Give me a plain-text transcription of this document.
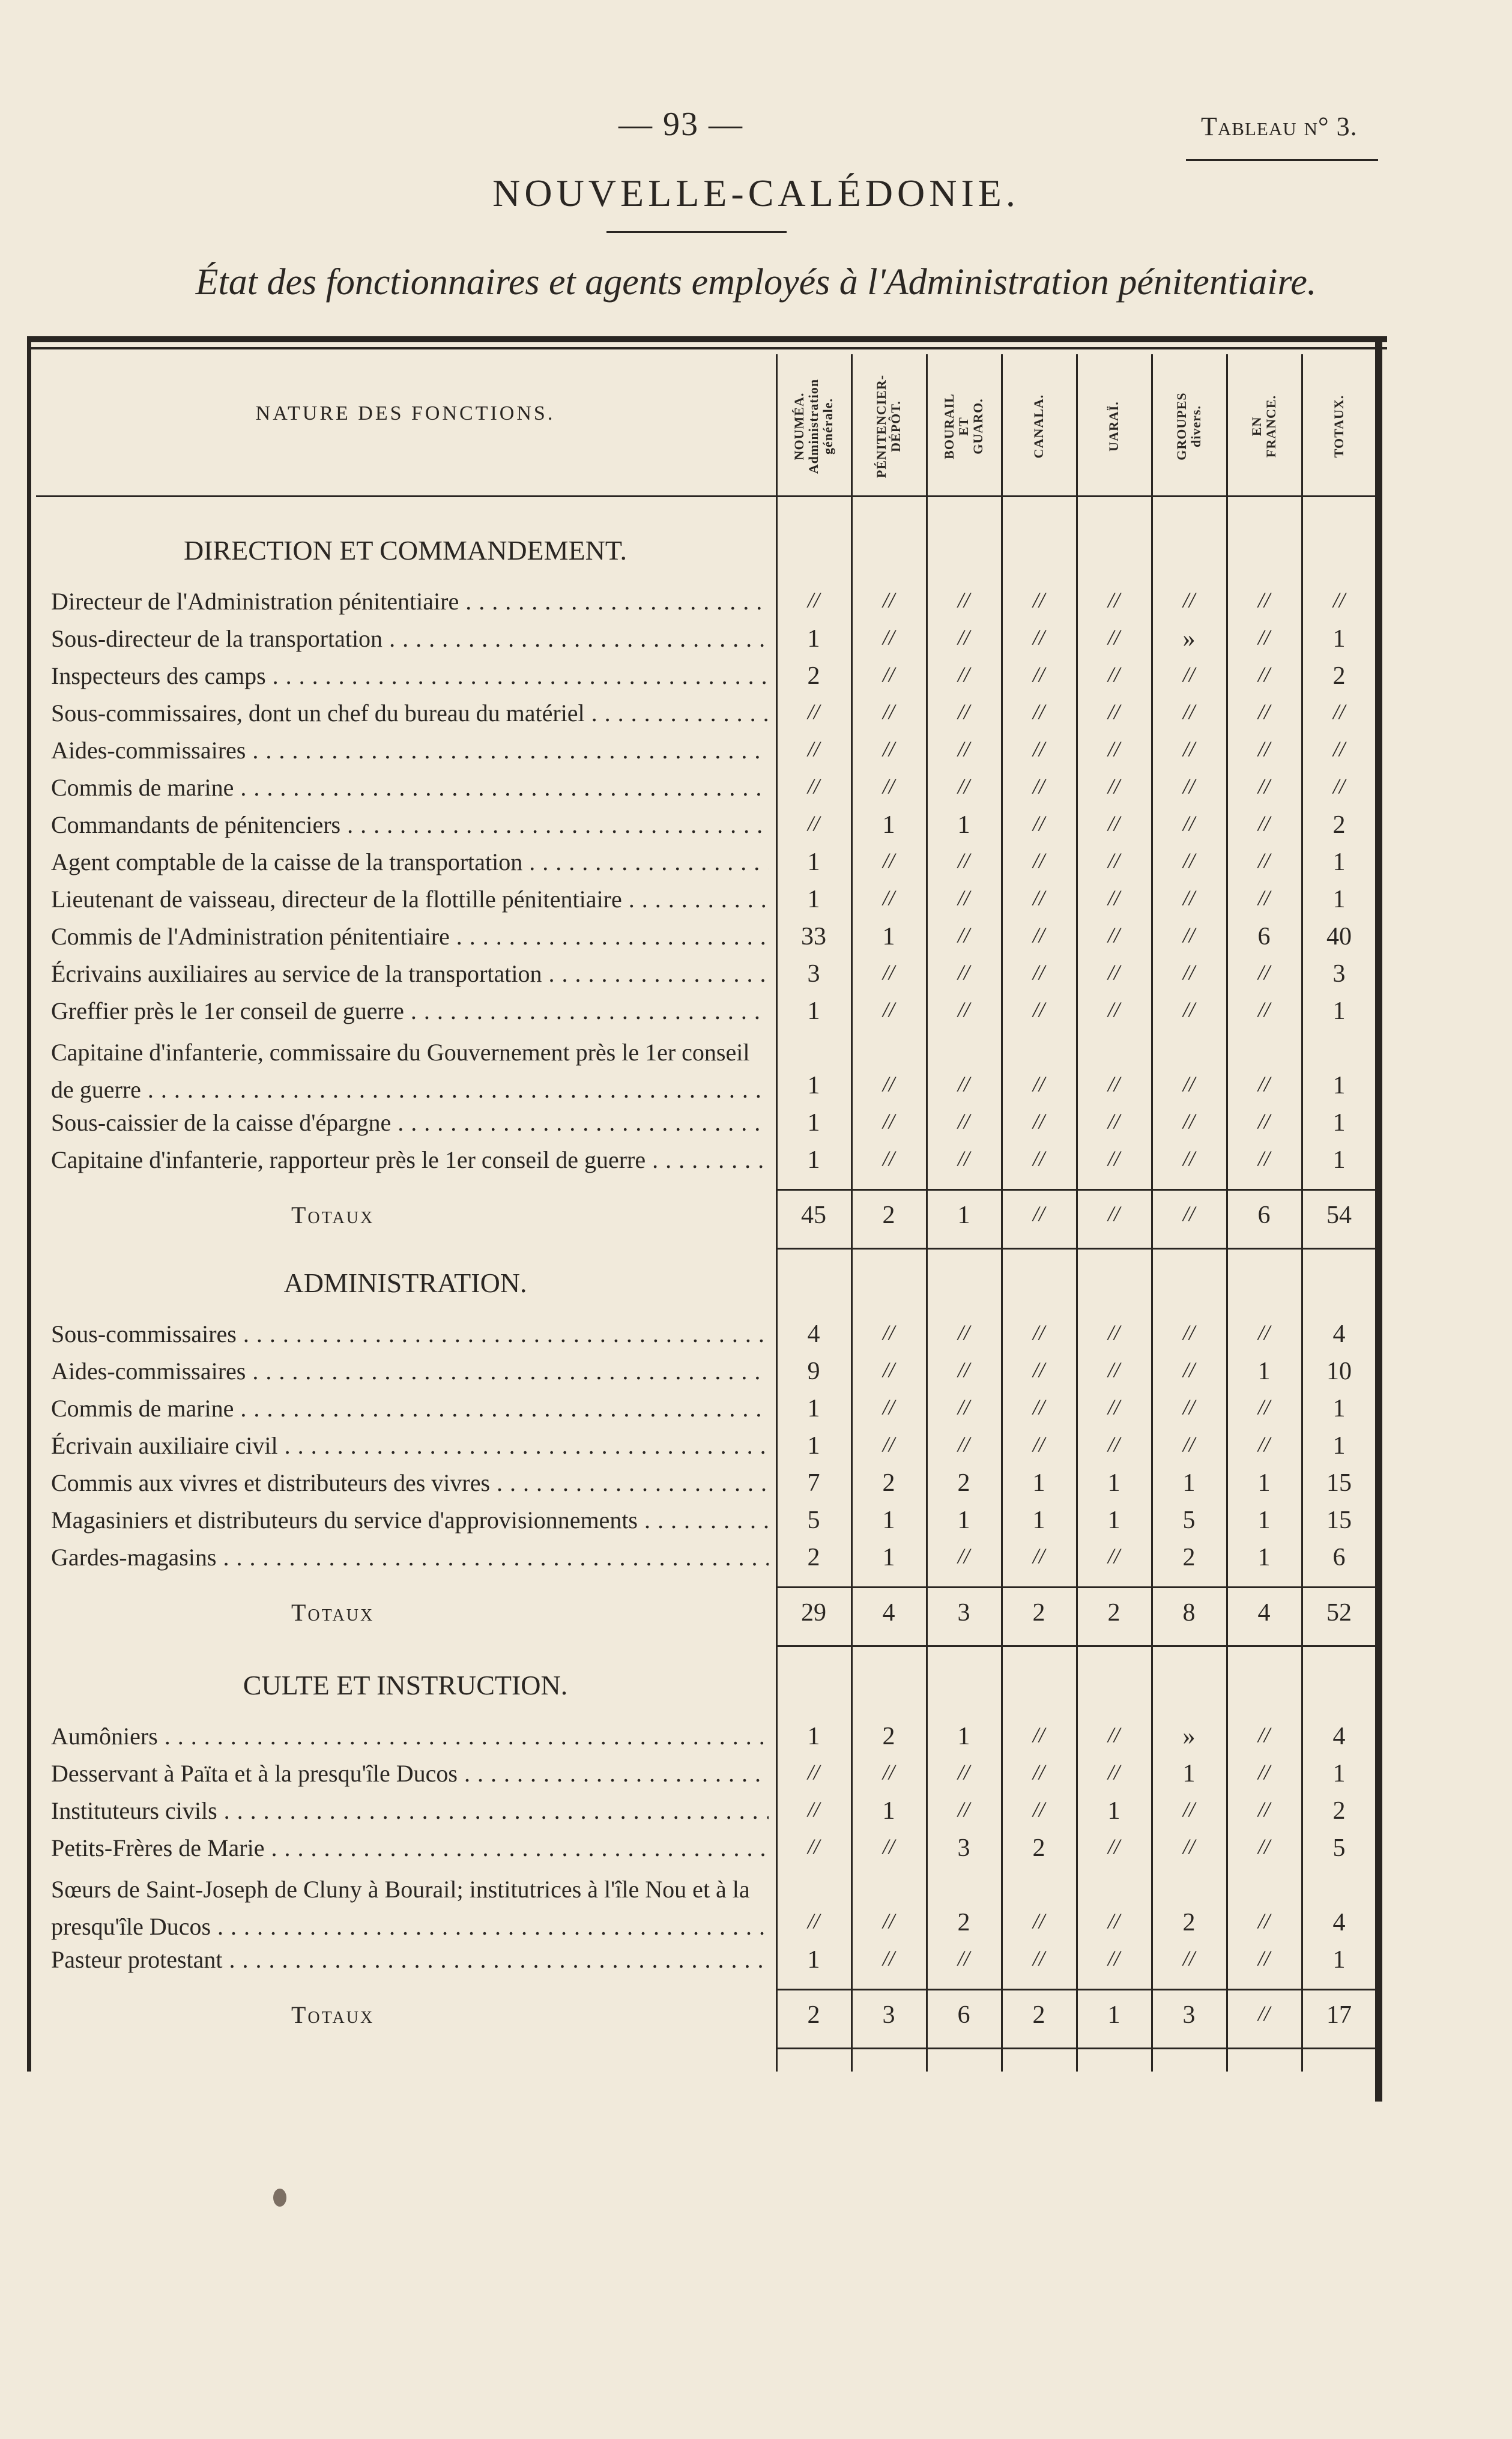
— 93 —	Tableau n° 3.
NOUVELLE-CALÉDONIE.
État des fonctionnaires et agents employés à l'Administration pénitentiaire.
NATURE DES FONCTIONS.	NOUMÉA.
Administration
générale.	PÉNITENCIER-
DÉPÔT.	BOURAIL
ET GUARO.	CANALA.	UARAÏ.	GROUPES
divers.	EN FRANCE.	TOTAUX.
DIRECTION ET COMMANDEMENT.
Directeur de l'Administration pénitentiaire . . .	//	//	//	//	//	//	//	//
Sous-directeur de la transportation . . .	1	//	//	//	//	»	//	1
Inspecteurs des camps . . .	2	//	//	//	//	//	//	2
Sous-commissaires, dont un chef du bureau du matériel . . .	//	//	//	//	//	//	//	//
Aides-commissaires . . .	//	//	//	//	//	//	//	//
Commis de marine . . .	//	//	//	//	//	//	//	//
Commandants de pénitenciers . . .	//	1	1	//	//	//	//	2
Agent comptable de la caisse de la transportation . . .	1	//	//	//	//	//	//	1
Lieutenant de vaisseau, directeur de la flottille pénitentiaire . . .	1	//	//	//	//	//	//	1
Commis de l'Administration pénitentiaire . . .	33	1	//	//	//	//	6	40
Écrivains auxiliaires au service de la transportation . . .	3	//	//	//	//	//	//	3
Greffier près le 1er conseil de guerre . . .	1	//	//	//	//	//	//	1
Capitaine d'infanterie, commissaire du Gouvernement près le 1er conseil de guerre . . .	1	//	//	//	//	//	//	1
Sous-caissier de la caisse d'épargne . . .	1	//	//	//	//	//	//	1
Capitaine d'infanterie, rapporteur près le 1er conseil de guerre . . .	1	//	//	//	//	//	//	1
Totaux	45	2	1	//	//	//	6	54
ADMINISTRATION.
Sous-commissaires . . .	4	//	//	//	//	//	//	4
Aides-commissaires . . .	9	//	//	//	//	//	1	10
Commis de marine . . .	1	//	//	//	//	//	//	1
Écrivain auxiliaire civil . . .	1	//	//	//	//	//	//	1
Commis aux vivres et distributeurs des vivres . . .	7	2	2	1	1	1	1	15
Magasiniers et distributeurs du service d'approvisionnements . . .	5	1	1	1	1	5	1	15
Gardes-magasins . . .	2	1	//	//	//	2	1	6
Totaux	29	4	3	2	2	8	4	52
CULTE ET INSTRUCTION.
Aumôniers . . .	1	2	1	//	//	»	//	4
Desservant à Païta et à la presqu'île Ducos . . .	//	//	//	//	//	1	//	1
Instituteurs civils . . .	//	1	//	//	1	//	//	2
Petits-Frères de Marie . . .	//	//	3	2	//	//	//	5
Sœurs de Saint-Joseph de Cluny à Bourail; institutrices à l'île Nou et à la presqu'île Ducos . . .	//	//	2	//	//	2	//	4
Pasteur protestant . . .	1	//	//	//	//	//	//	1
Totaux	2	3	6	2	1	3	//	17
